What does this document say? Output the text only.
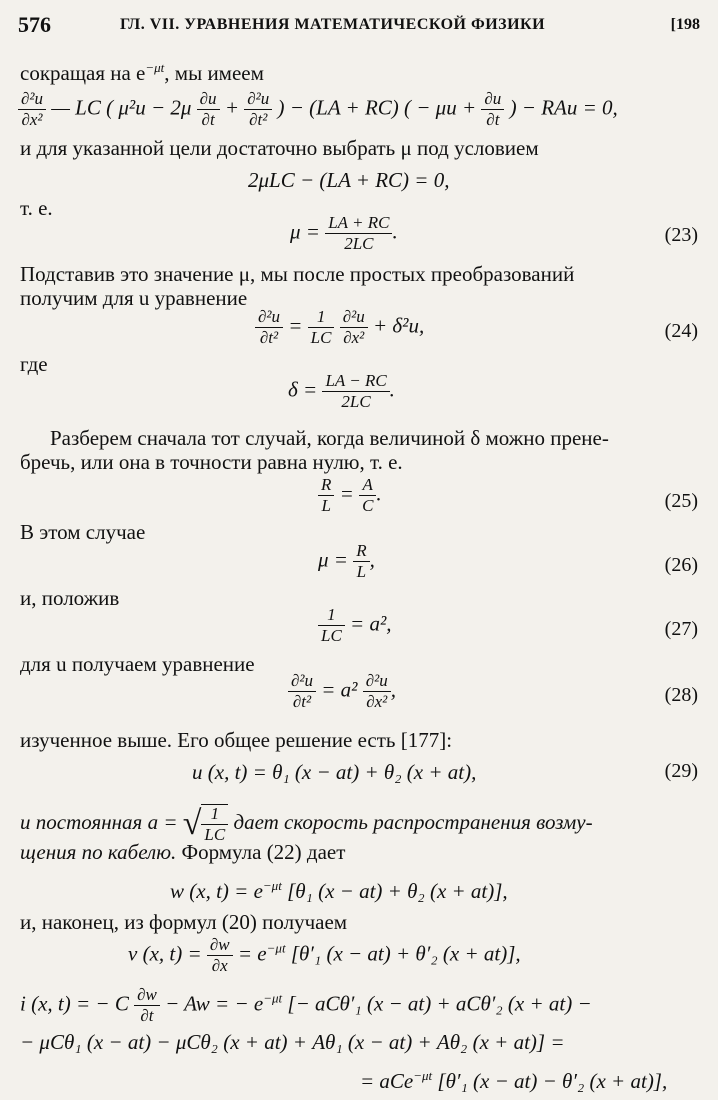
576	ГЛ. VII. УРАВНЕНИЯ МАТЕМАТИЧЕСКОЙ ФИЗИКИ	[198
сокращая на $e^{-\mu t}$, мы имеем
$\frac{\text{∂²u}}{\text{∂x²}}$ — LC ( $\mu^2u - 2\mu \frac{\partial u}{\partial t} + \frac{\text{∂²u}}{\text{∂t²}}$ ) − (LA + RC) ( − $\mu u + \frac{\partial u}{\partial t}$ ) − RAu = 0,
и для указанной цели достаточно выбрать μ под условием
2μLC − (LA + RC) = 0,
т. е.
$\mu = \frac{LA + RC}{2LC}$ .	(23)
Подставив это значение μ, мы после простых преобразований
получим для u уравнение
$\frac{\text{∂²u}}{\text{∂t²}} = \frac{1}{LC}$
$\frac{\text{∂²u}}{\text{∂x²}} + \delta^2u$,	(24)
где
$\delta = \frac{LA - RC}{2LC}$ .
Разберем сначала тот случай, когда величиной δ можно прене-
бречь, или она в точности равна нулю, т. е.
$\frac{R}{L} = \frac{A}{C}$ .	(25)
В этом случае
$\mu = \frac{R}{L}$ ,	(26)
и, положив
$\frac{1}{LC} = a^2$,	(27)
для u получаем уравнение
$\frac{\text{∂²u}}{\text{∂t²}} = a^2 \frac{\text{∂²u}}{\text{∂x²}}$ ,	(28)
изученное выше. Его общее решение есть [177]:
u (x, t) = θ₁ (x − at) + θ₂ (x + at),	(29)
и постоянная a = √ $\frac{1}{LC}$ дает скорость распространения возму-
щения по кабелю. Формула (22) дает
w (x, $t) = e^{-\mu t}$ [θ₁ (x − at) + θ₂ (x + at)],
и, наконец, из формул (20) получаем
v (x, $t) = \frac{\partial w}{\partial x} = e^{-\mu t}$ [θ′₁ (x − at) + θ′₂ (x + at)],
i (x, t) = − C $\frac{\partial w}{\partial t} - Aw$ = − $e^{-\mu t}$ [− aCθ′₁ (x − at) + aCθ′₂ (x + at) −
− μCθ₁ (x − at) − μCθ₂ (x + at) + Aθ₁ (x − at) + Aθ₂ (x + at)] =
= aCe$^{-\mu t}$ [θ′₁ (x − at) − θ′₂ (x + at)],
